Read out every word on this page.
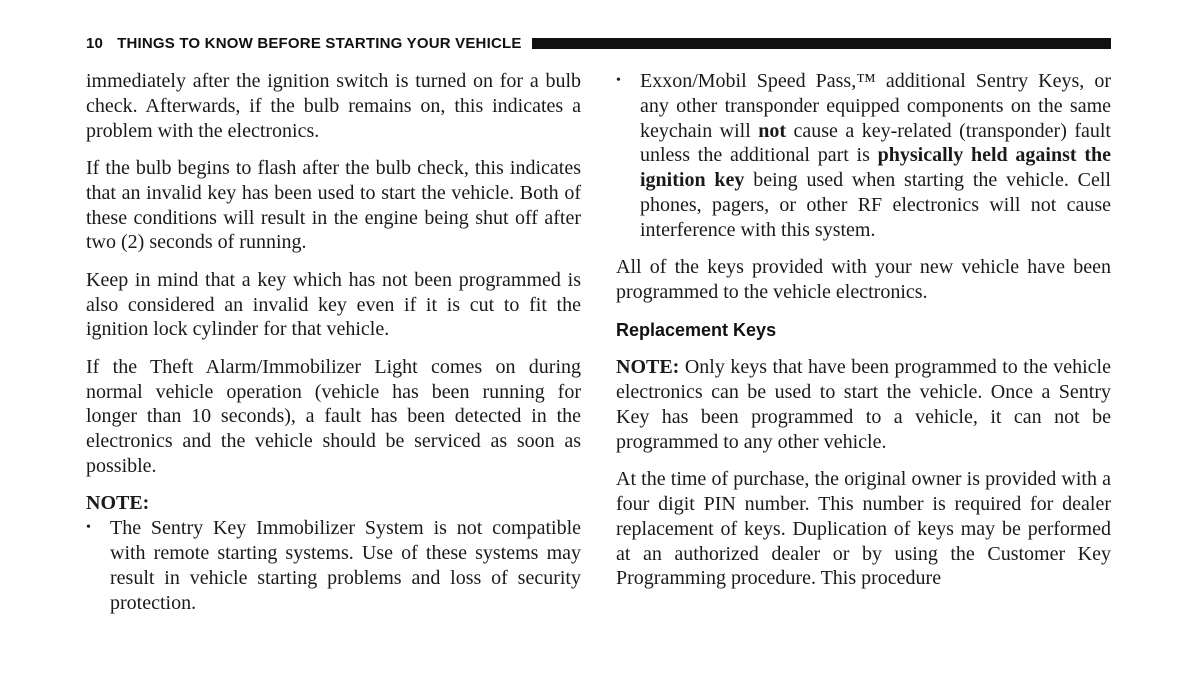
10 THINGS TO KNOW BEFORE STARTING YOUR VEHICLE

immediately after the ignition switch is turned on for a bulb check. Afterwards, if the bulb remains on, this indicates a problem with the electronics.

If the bulb begins to flash after the bulb check, this indicates that an invalid key has been used to start the vehicle. Both of these conditions will result in the engine being shut off after two (2) seconds of running.

Keep in mind that a key which has not been programmed is also considered an invalid key even if it is cut to fit the ignition lock cylinder for that vehicle.

If the Theft Alarm/Immobilizer Light comes on during normal vehicle operation (vehicle has been running for longer than 10 seconds), a fault has been detected in the electronics and the vehicle should be serviced as soon as possible.

NOTE:

• The Sentry Key Immobilizer System is not compatible with remote starting systems. Use of these systems may result in vehicle starting problems and loss of security protection.
• Exxon/Mobil Speed Pass,™ additional Sentry Keys, or any other transponder equipped components on the same keychain will not cause a key-related (transponder) fault unless the additional part is physically held against the ignition key being used when starting the vehicle. Cell phones, pagers, or other RF electronics will not cause interference with this system.

All of the keys provided with your new vehicle have been programmed to the vehicle electronics.

Replacement Keys

NOTE: Only keys that have been programmed to the vehicle electronics can be used to start the vehicle. Once a Sentry Key has been programmed to a vehicle, it can not be programmed to any other vehicle.

At the time of purchase, the original owner is provided with a four digit PIN number. This number is required for dealer replacement of keys. Duplication of keys may be performed at an authorized dealer or by using the Customer Key Programming procedure. This procedure
